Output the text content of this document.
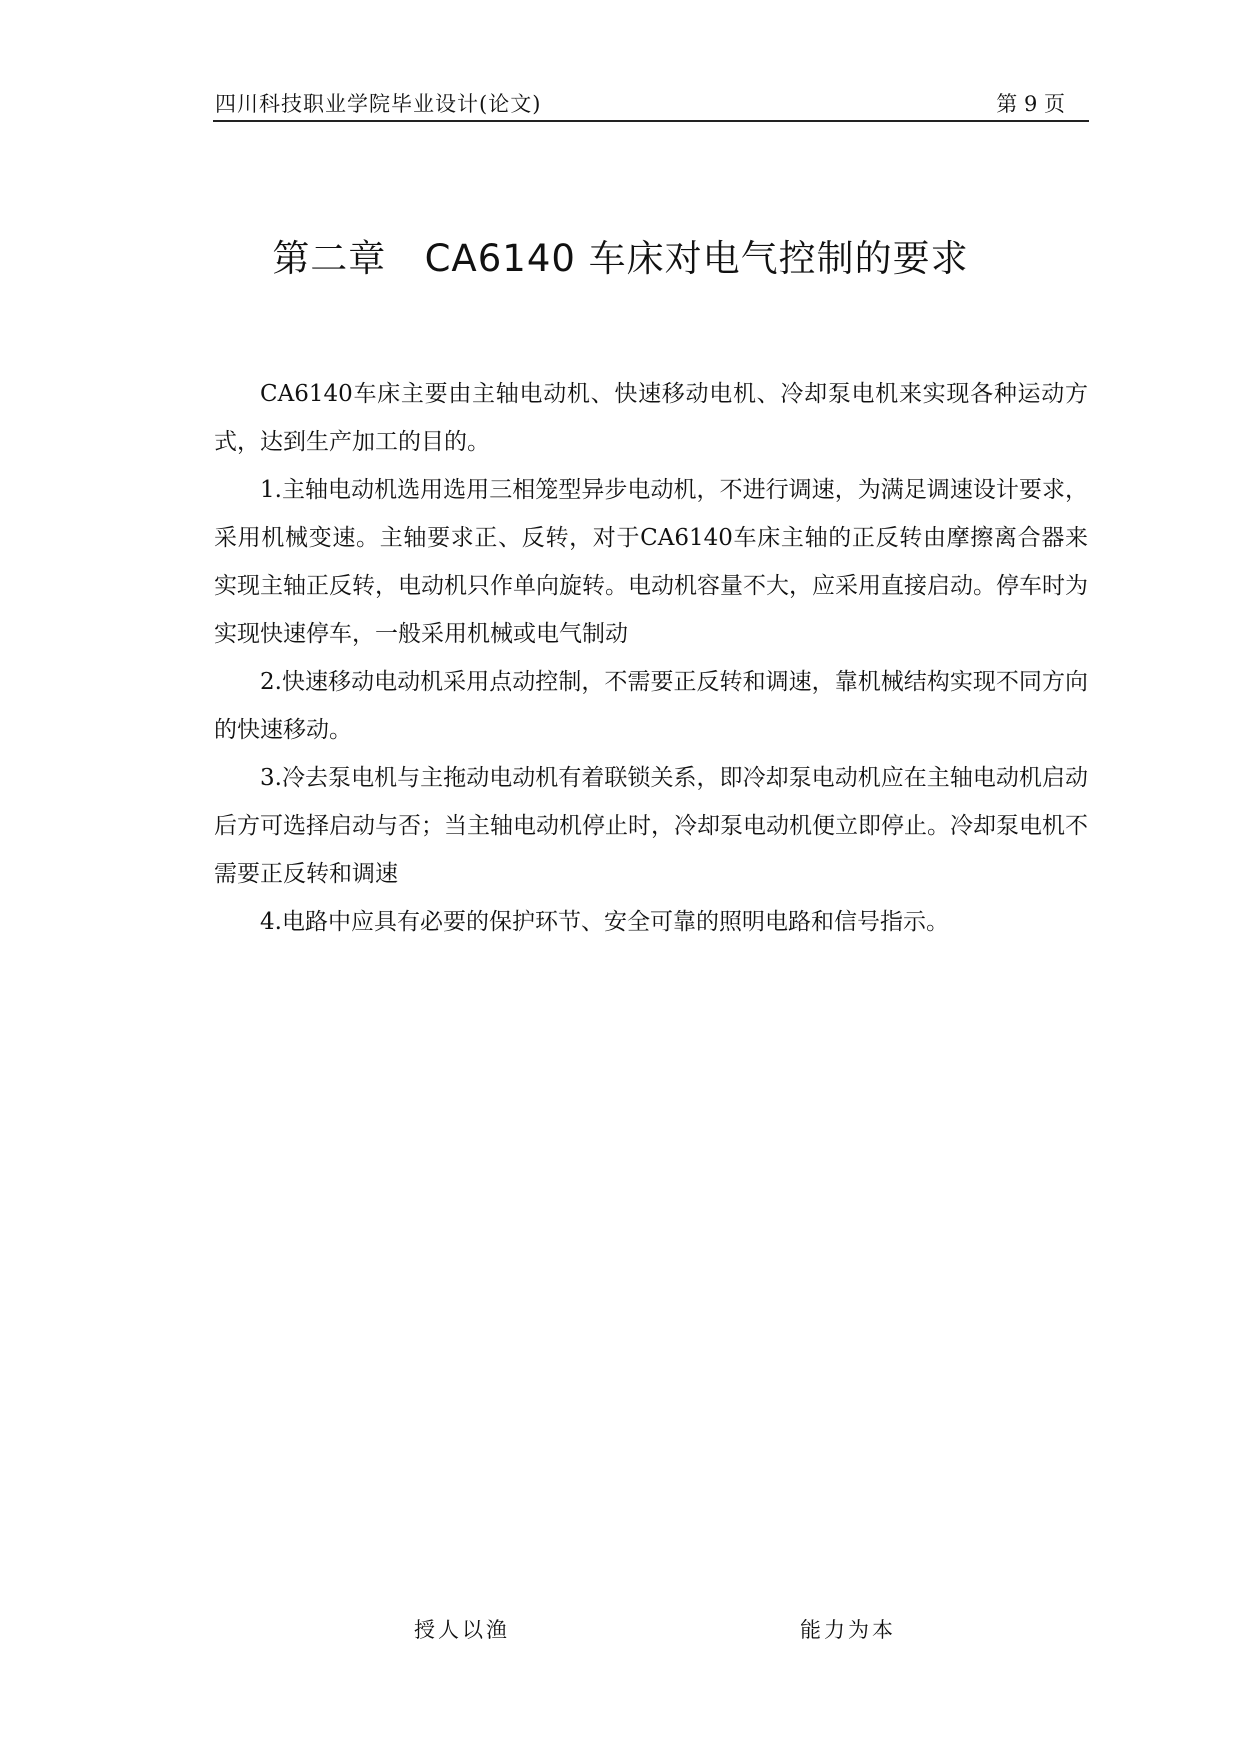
四川科技职业学院毕业设计(论文)	第 9 页
第二章   CA6140 车床对电气控制的要求

CA6140车床主要由主轴电动机、快速移动电机、冷却泵电机来实现各种运动方式，达到生产加工的目的。

1.主轴电动机选用选用三相笼型异步电动机，不进行调速，为满足调速设计要求，采用机械变速。主轴要求正、反转，对于CA6140车床主轴的正反转由摩擦离合器来实现主轴正反转，电动机只作单向旋转。电动机容量不大，应采用直接启动。停车时为实现快速停车，一般采用机械或电气制动

2.快速移动电动机采用点动控制，不需要正反转和调速，靠机械结构实现不同方向的快速移动。

3.冷去泵电机与主拖动电动机有着联锁关系，即冷却泵电动机应在主轴电动机启动后方可选择启动与否；当主轴电动机停止时，冷却泵电动机便立即停止。冷却泵电机不需要正反转和调速

4.电路中应具有必要的保护环节、安全可靠的照明电路和信号指示。

授人以渔	能力为本
